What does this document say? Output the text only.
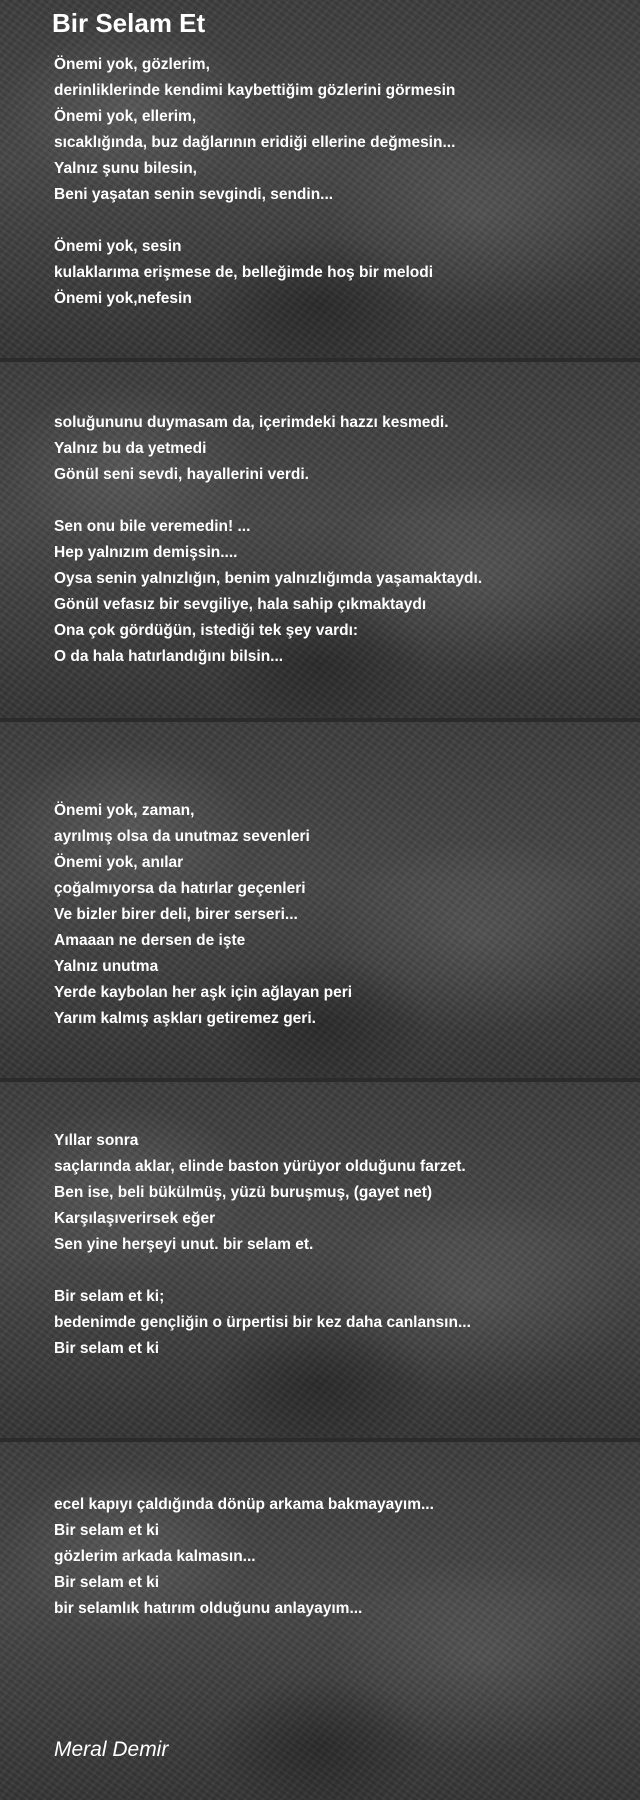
Bir Selam Et

Önemi yok, gözlerim,
derinliklerinde kendimi kaybettiğim gözlerini görmesin
Önemi yok, ellerim,
sıcaklığında, buz dağlarının eridiği ellerine değmesin...
Yalnız şunu bilesin,
Beni yaşatan senin sevgindi, sendin...

Önemi yok, sesin
kulaklarıma erişmese de, belleğimde hoş bir melodi
Önemi yok,nefesin

soluğununu duymasam da, içerimdeki hazzı kesmedi.
Yalnız bu da yetmedi
Gönül seni sevdi, hayallerini verdi.

Sen onu bile veremedin! ...
Hep yalnızım demişsin....
Oysa senin yalnızlığın, benim yalnızlığımda yaşamaktaydı.
Gönül vefasız bir sevgiliye, hala sahip çıkmaktaydı
Ona çok gördüğün, istediği tek şey vardı:
O da hala hatırlandığını bilsin...

Önemi yok, zaman,
ayrılmış olsa da unutmaz sevenleri
Önemi yok, anılar
çoğalmıyorsa da hatırlar geçenleri
Ve bizler birer deli, birer serseri...
Amaaan ne dersen de işte
Yalnız unutma
Yerde kaybolan her aşk için ağlayan peri
Yarım kalmış aşkları getiremez geri.

Yıllar sonra
saçlarında aklar, elinde baston yürüyor olduğunu farzet.
Ben ise, beli bükülmüş, yüzü buruşmuş, (gayet net)
Karşılaşıverirsek eğer
Sen yine herşeyi unut. bir selam et.

Bir selam et ki;
bedenimde gençliğin o ürpertisi bir kez daha canlansın...
Bir selam et ki

ecel kapıyı çaldığında dönüp arkama bakmayayım...
Bir selam et ki
gözlerim arkada kalmasın...
Bir selam et ki
bir selamlık hatırım olduğunu anlayayım...

Meral Demir
